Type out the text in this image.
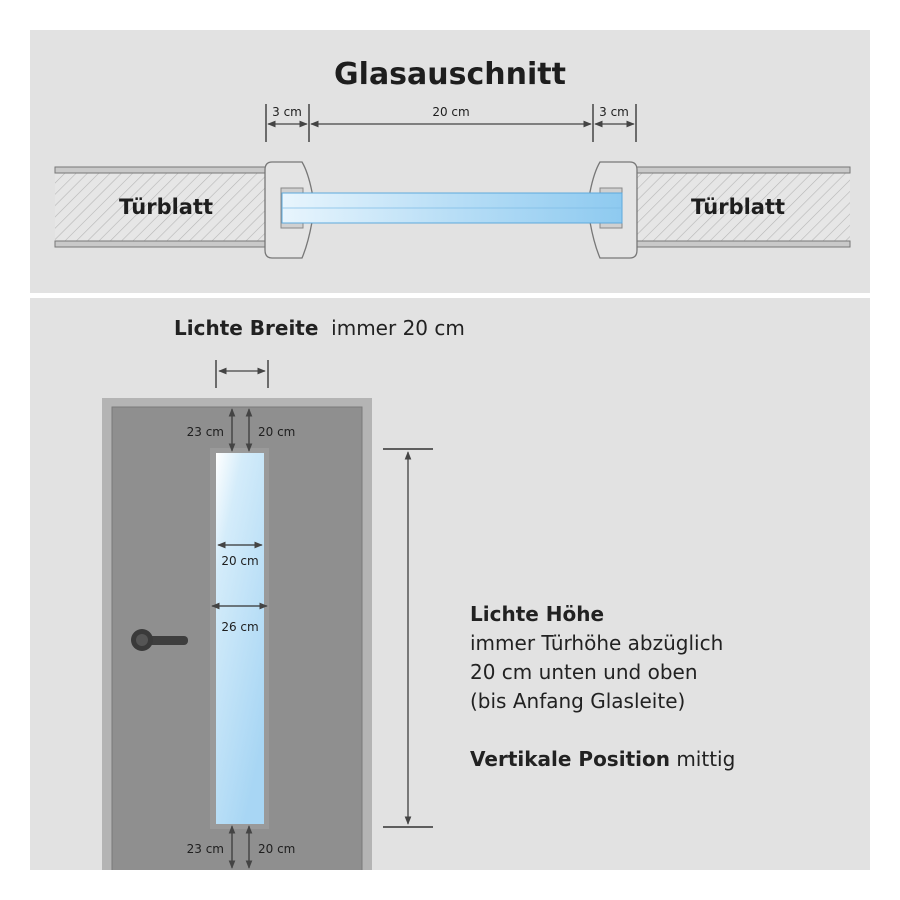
Glasauschnitt
3 cm	20 cm	3 cm
Türblatt	Türblatt
23 cm	20 cm
20 cm
26 cm
23 cm	20 cm
Lichte Breite immer 20 cm
Lichte Höhe
immer Türhöhe abzüglich
20 cm unten und oben
(bis Anfang Glasleite)
Vertikale Position mittig
